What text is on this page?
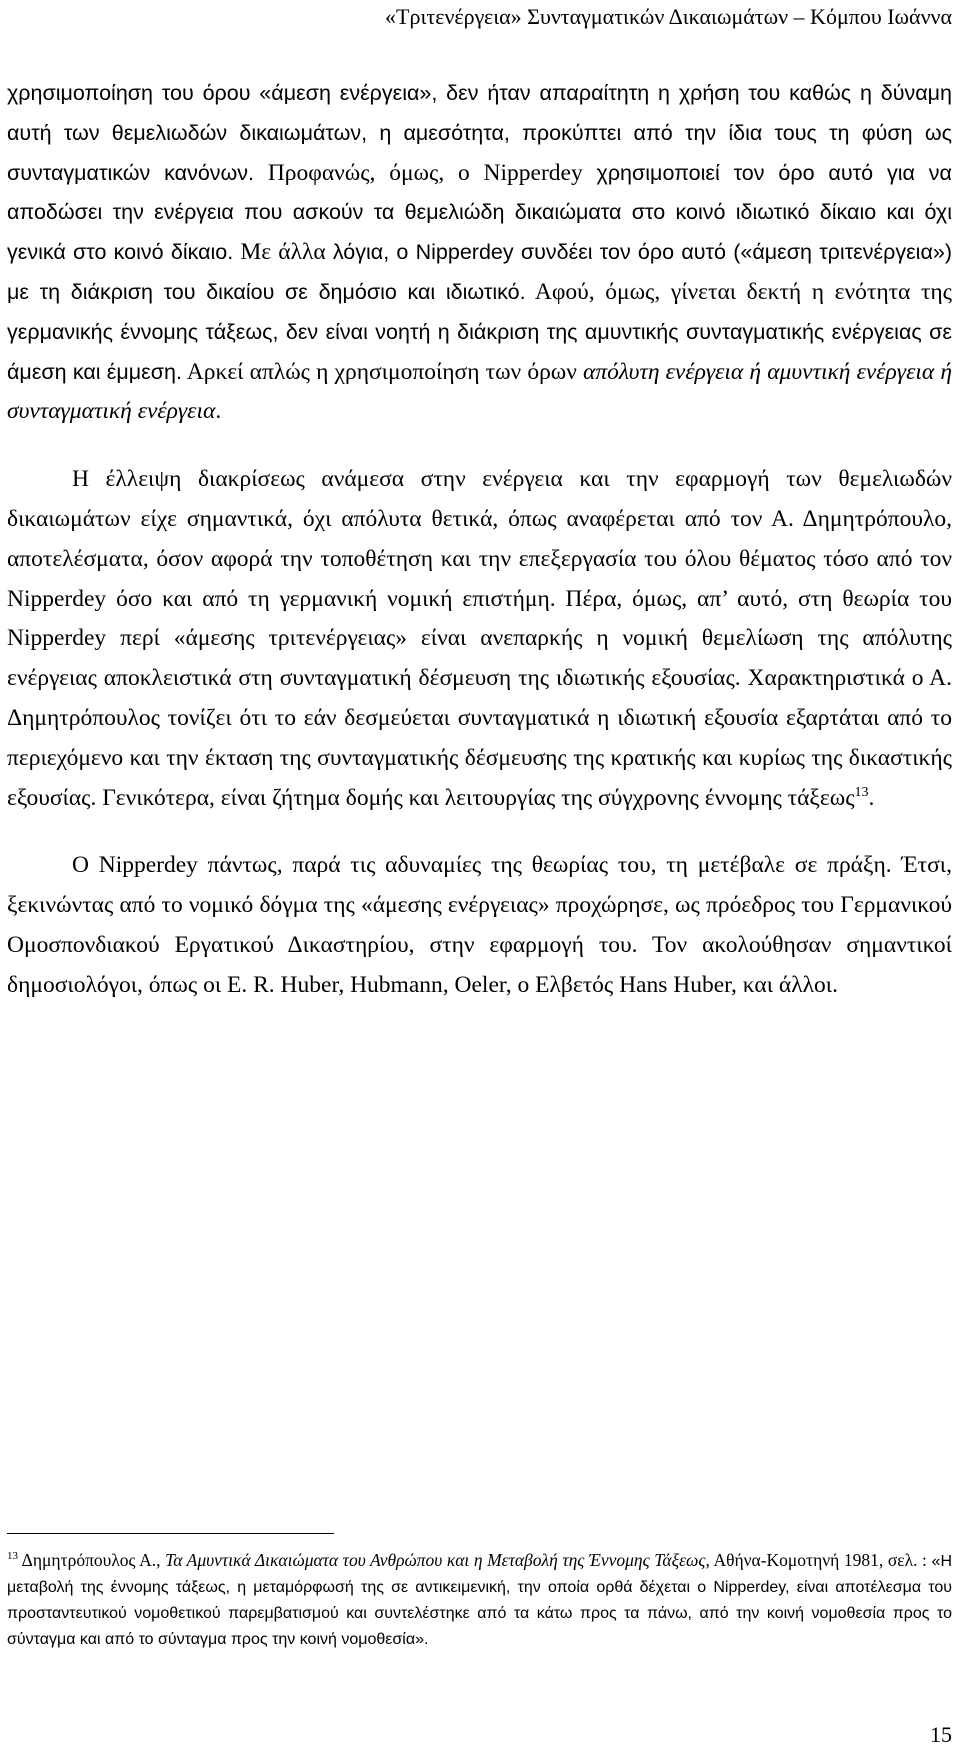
«Τριτενέργεια» Συνταγματικών Δικαιωμάτων – Κόμπου Ιωάννα

χρησιμοποίηση του όρου «άμεση ενέργεια», δεν ήταν απαραίτητη η χρήση του καθώς η δύναμη αυτή των θεμελιωδών δικαιωμάτων, η αμεσότητα, προκύπτει από την ίδια τους τη φύση ως συνταγματικών κανόνων. Προφανώς, όμως, ο Nipperdey χρησιμοποιεί τον όρο αυτό για να αποδώσει την ενέργεια που ασκούν τα θεμελιώδη δικαιώματα στο κοινό ιδιωτικό δίκαιο και όχι γενικά στο κοινό δίκαιο. Με άλλα λόγια, ο Nipperdey συνδέει τον όρο αυτό («άμεση τριτενέργεια») με τη διάκριση του δικαίου σε δημόσιο και ιδιωτικό. Αφού, όμως, γίνεται δεκτή η ενότητα της γερμανικής έννομης τάξεως, δεν είναι νοητή η διάκριση της αμυντικής συνταγματικής ενέργειας σε άμεση και έμμεση. Αρκεί απλώς η χρησιμοποίηση των όρων απόλυτη ενέργεια ή αμυντική ενέργεια ή συνταγματική ενέργεια.

Η έλλειψη διακρίσεως ανάμεσα στην ενέργεια και την εφαρμογή των θεμελιωδών δικαιωμάτων είχε σημαντικά, όχι απόλυτα θετικά, όπως αναφέρεται από τον Α. Δημητρόπουλο, αποτελέσματα, όσον αφορά την τοποθέτηση και την επεξεργασία του όλου θέματος τόσο από τον Nipperdey όσο και από τη γερμανική νομική επιστήμη. Πέρα, όμως, απ’ αυτό, στη θεωρία του Nipperdey περί «άμεσης τριτενέργειας» είναι ανεπαρκής η νομική θεμελίωση της απόλυτης ενέργειας αποκλειστικά στη συνταγματική δέσμευση της ιδιωτικής εξουσίας. Χαρακτηριστικά ο Α. Δημητρόπουλος τονίζει ότι το εάν δεσμεύεται συνταγματικά η ιδιωτική εξουσία εξαρτάται από το περιεχόμενο και την έκταση της συνταγματικής δέσμευσης της κρατικής και κυρίως της δικαστικής εξουσίας. Γενικότερα, είναι ζήτημα δομής και λειτουργίας της σύγχρονης έννομης τάξεως$^{13}$.

Ο Nipperdey πάντως, παρά τις αδυναμίες της θεωρίας του, τη μετέβαλε σε πράξη. Έτσι, ξεκινώντας από το νομικό δόγμα της «άμεσης ενέργειας» προχώρησε, ως πρόεδρος του Γερμανικού Ομοσπονδιακού Εργατικού Δικαστηρίου, στην εφαρμογή του. Τον ακολούθησαν σημαντικοί δημοσιολόγοι, όπως οι Ε. R. Huber, Hubmann, Oeler, ο Ελβετός Hans Huber, και άλλοι.

$^{13}$ Δημητρόπουλος Α., Τα Αμυντικά Δικαιώματα του Ανθρώπου και η Μεταβολή της Έννομης Τάξεως, Αθήνα-Κομοτηνή 1981, σελ. : «Η μεταβολή της έννομης τάξεως, η μεταμόρφωσή της σε αντικειμενική, την οποία ορθά δέχεται ο Nipperdey, είναι αποτέλεσμα του προσταντευτικού νομοθετικού παρεμβατισμού και συντελέστηκε από τα κάτω προς τα πάνω, από την κοινή νομοθεσία προς το σύνταγμα και από το σύνταγμα προς την κοινή νομοθεσία».
15
